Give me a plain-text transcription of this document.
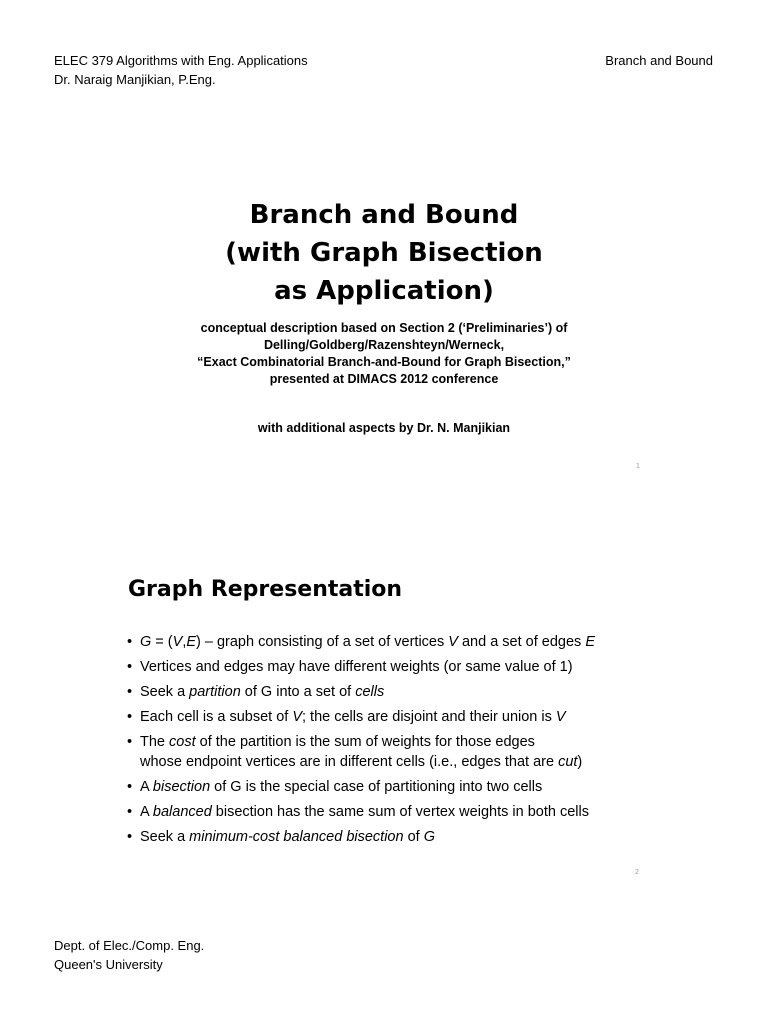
ELEC 379 Algorithms with Eng. Applications
Dr. Naraig Manjikian, P.Eng.
Branch and Bound
Branch and Bound
(with Graph Bisection
as Application)
conceptual description based on Section 2 (‘Preliminaries’) of
Delling/Goldberg/Razenshteyn/Werneck,
“Exact Combinatorial Branch-and-Bound for Graph Bisection,”
presented at DIMACS 2012 conference
with additional aspects by Dr. N. Manjikian
1
Graph Representation
• G = (V,E) – graph consisting of a set of vertices V and a set of edges E
• Vertices and edges may have different weights (or same value of 1)
• Seek a partition of G into a set of cells
• Each cell is a subset of V; the cells are disjoint and their union is V
• The cost of the partition is the sum of weights for those edges
whose endpoint vertices are in different cells (i.e., edges that are cut)
• A bisection of G is the special case of partitioning into two cells
• A balanced bisection has the same sum of vertex weights in both cells
• Seek a minimum-cost balanced bisection of G
2
Dept. of Elec./Comp. Eng.
Queen's University
